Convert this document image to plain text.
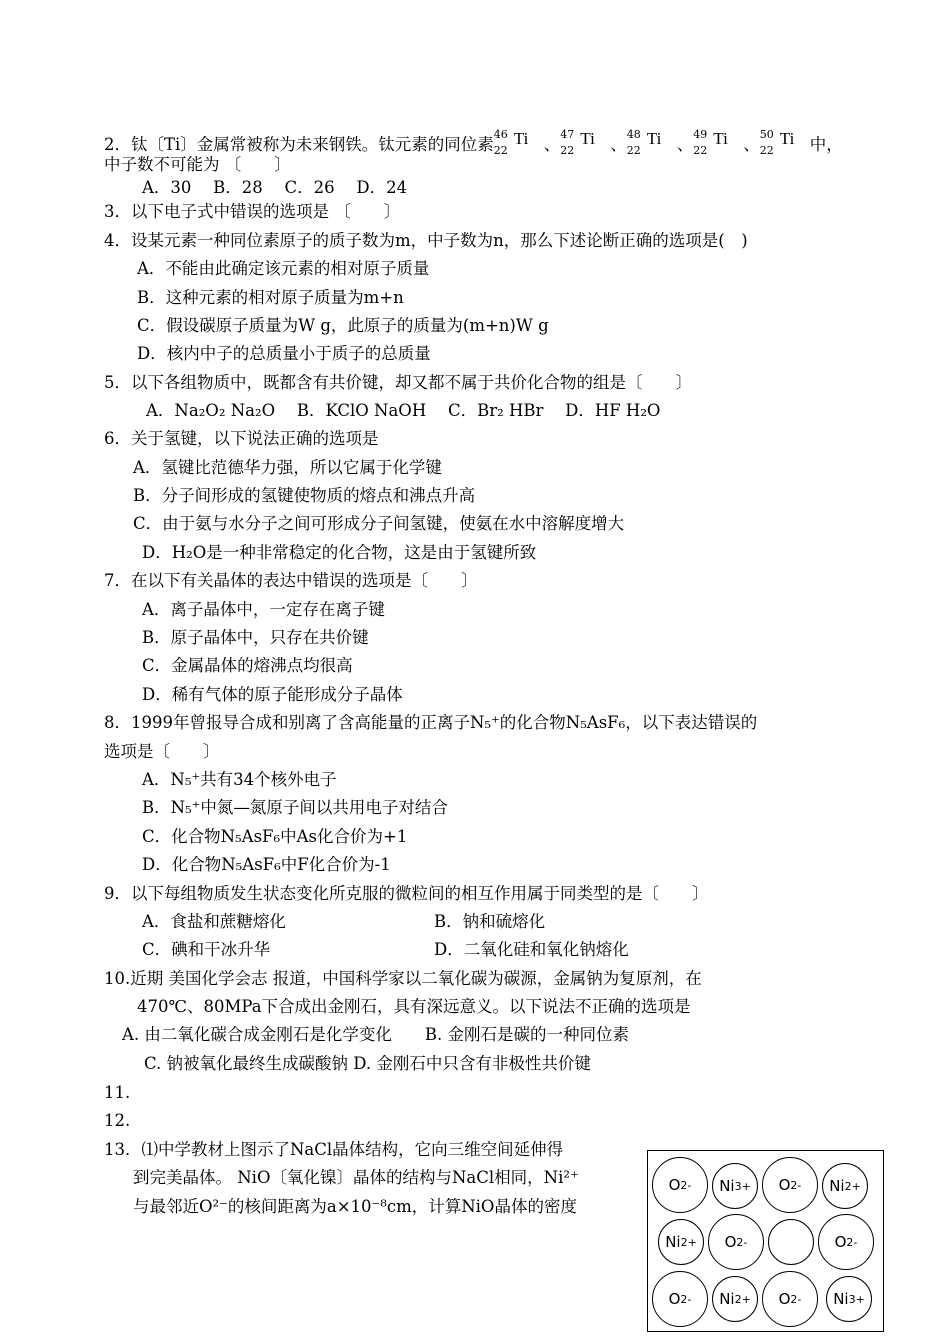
2．钛〔Ti〕金属常被称为未来钢铁。钛元素的同位素
46
22
Ti 、
47
22
Ti 、
48
22
Ti 、
49
22
Ti 、
50
22
Ti 中，
中子数不可能为 〔　　〕
A．30　 B．28　 C．26　 D．24
3．以下电子式中错误的选项是 〔　　〕
4．设某元素一种同位素原子的质子数为m，中子数为n，那么下述论断正确的选项是(　)
A．不能由此确定该元素的相对原子质量
B．这种元素的相对原子质量为m+n
C．假设碳原子质量为W g，此原子的质量为(m+n)W g
D．核内中子的总质量小于质子的总质量
5．以下各组物质中，既都含有共价键，却又都不属于共价化合物的组是〔　　〕
A．Na₂O₂ Na₂O　 B．KClO NaOH　 C．Br₂ HBr　 D．HF H₂O
6．关于氢键，以下说法正确的选项是
A．氢键比范德华力强，所以它属于化学键
B．分子间形成的氢键使物质的熔点和沸点升高
C．由于氨与水分子之间可形成分子间氢键，使氨在水中溶解度增大
D．H₂O是一种非常稳定的化合物，这是由于氢键所致
7．在以下有关晶体的表达中错误的选项是〔　　〕
A．离子晶体中，一定存在离子键
B．原子晶体中，只存在共价键
C．金属晶体的熔沸点均很高
D．稀有气体的原子能形成分子晶体
8．1999年曾报导合成和别离了含高能量的正离子N₅⁺的化合物N₅AsF₆，以下表达错误的
选项是〔　　〕
A．N₅⁺共有34个核外电子
B．N₅⁺中氮—氮原子间以共用电子对结合
C．化合物N₅AsF₆中As化合价为+1
D．化合物N₅AsF₆中F化合价为-1
9．以下每组物质发生状态变化所克服的微粒间的相互作用属于同类型的是〔　　〕
A．食盐和蔗糖熔化	B．钠和硫熔化
C．碘和干冰升华	D．二氧化硅和氧化钠熔化
10.近期 美国化学会志 报道，中国科学家以二氧化碳为碳源，金属钠为复原剂，在
470℃、80MPa下合成出金刚石，具有深远意义。以下说法不正确的选项是
A. 由二氧化碳合成金刚石是化学变化　　B. 金刚石是碳的一种同位素
C. 钠被氧化最终生成碳酸钠 D. 金刚石中只含有非极性共价键
11.
12.
13．⑴中学教材上图示了NaCl晶体结构，它向三维空间延伸得
到完美晶体。 NiO〔氧化镍〕晶体的结构与NaCl相同，Ni²⁺
与最邻近O²⁻的核间距离为a×10⁻⁸cm，计算NiO晶体的密度
O 2- Ni 3+ O 2- Ni 2+
Ni 2+ O 2-	O 2-
O 2- Ni 2+ O 2- Ni 3+
